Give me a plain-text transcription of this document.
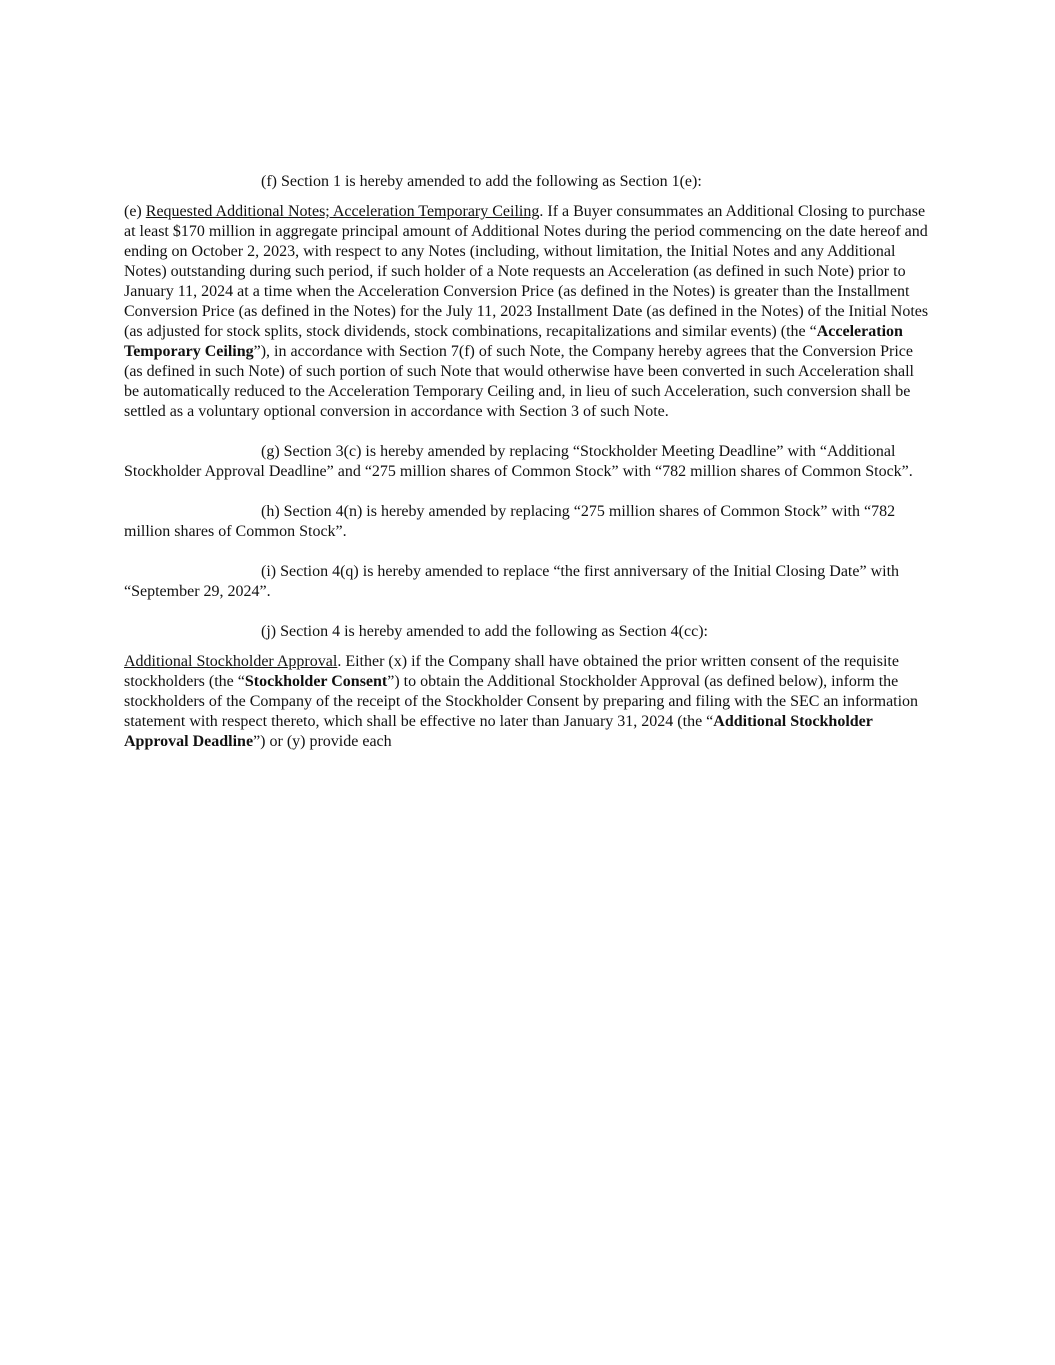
(f) Section 1 is hereby amended to add the following as Section 1(e):

(e) Requested Additional Notes; Acceleration Temporary Ceiling. If a Buyer consummates an Additional Closing to purchase at least $170 million in aggregate principal amount of Additional Notes during the period commencing on the date hereof and ending on October 2, 2023, with respect to any Notes (including, without limitation, the Initial Notes and any Additional Notes) outstanding during such period, if such holder of a Note requests an Acceleration (as defined in such Note) prior to January 11, 2024 at a time when the Acceleration Conversion Price (as defined in the Notes) is greater than the Installment Conversion Price (as defined in the Notes) for the July 11, 2023 Installment Date (as defined in the Notes) of the Initial Notes (as adjusted for stock splits, stock dividends, stock combinations, recapitalizations and similar events) (the “Acceleration Temporary Ceiling”), in accordance with Section 7(f) of such Note, the Company hereby agrees that the Conversion Price (as defined in such Note) of such portion of such Note that would otherwise have been converted in such Acceleration shall be automatically reduced to the Acceleration Temporary Ceiling and, in lieu of such Acceleration, such conversion shall be settled as a voluntary optional conversion in accordance with Section 3 of such Note.

(g) Section 3(c) is hereby amended by replacing “Stockholder Meeting Deadline” with “Additional Stockholder Approval Deadline” and “275 million shares of Common Stock” with “782 million shares of Common Stock”.

(h) Section 4(n) is hereby amended by replacing “275 million shares of Common Stock” with “782 million shares of Common Stock”.

(i) Section 4(q) is hereby amended to replace “the first anniversary of the Initial Closing Date” with “September 29, 2024”.

(j) Section 4 is hereby amended to add the following as Section 4(cc):

Additional Stockholder Approval. Either (x) if the Company shall have obtained the prior written consent of the requisite stockholders (the “Stockholder Consent”) to obtain the Additional Stockholder Approval (as defined below), inform the stockholders of the Company of the receipt of the Stockholder Consent by preparing and filing with the SEC an information statement with respect thereto, which shall be effective no later than January 31, 2024 (the “Additional Stockholder Approval Deadline”) or (y) provide each
